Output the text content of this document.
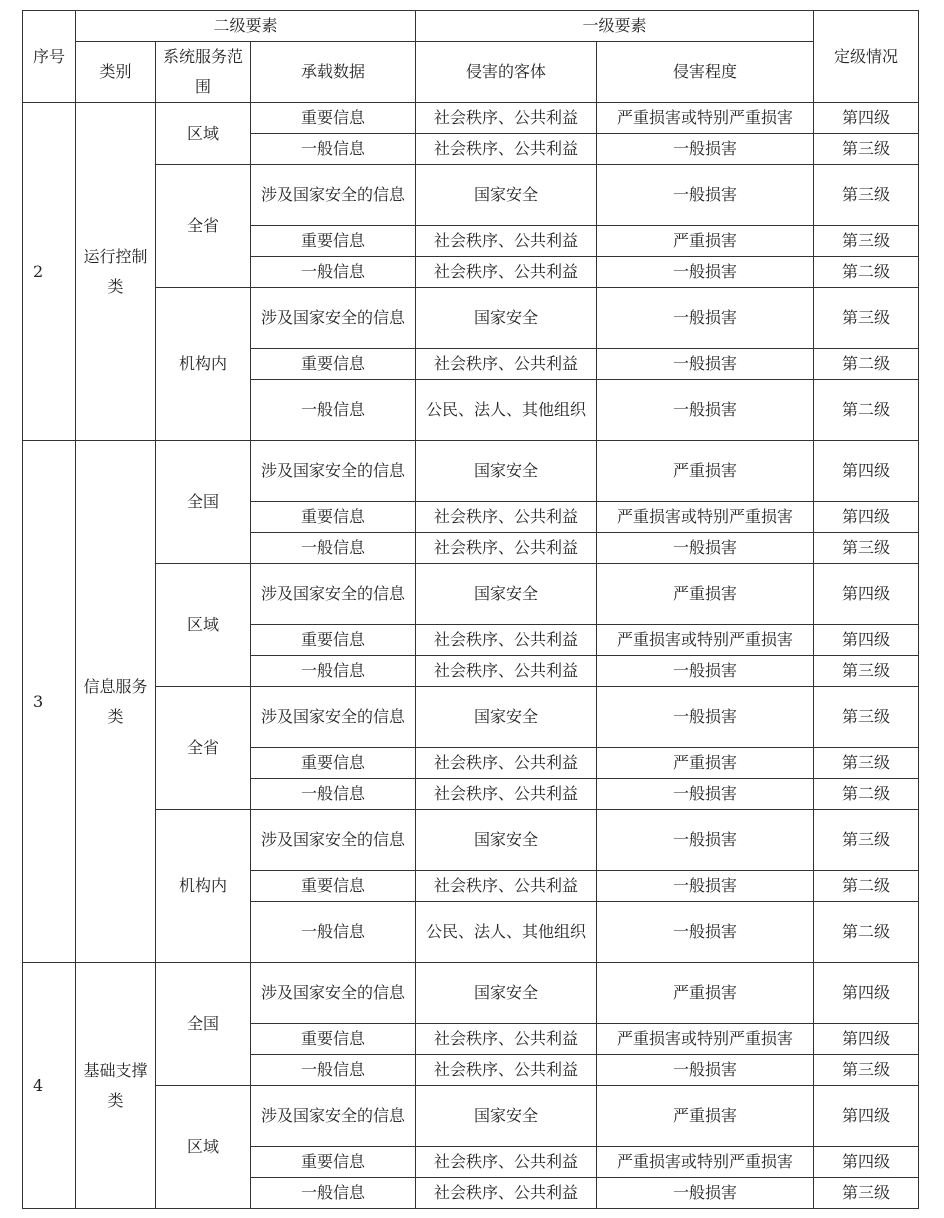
序号	二级要素			一级要素		定级情况

	类别	系统服务范围	承载数据	侵害的客体	侵害程度	
2	运行控制类	区域	重要信息	社会秩序、公共利益	严重损害或特别严重损害	第四级

			一般信息	社会秩序、公共利益	一般损害	第三级
		全省	涉及国家安全的信息	国家安全	一般损害	第三级

			重要信息	社会秩序、公共利益	严重损害	第三级

			一般信息	社会秩序、公共利益	一般损害	第二级
		机构内	涉及国家安全的信息	国家安全	一般损害	第三级

			重要信息	社会秩序、公共利益	一般损害	第二级

			一般信息	公民、法人、其他组织	一般损害	第二级
3	信息服务类	全国	涉及国家安全的信息	国家安全	严重损害	第四级

			重要信息	社会秩序、公共利益	严重损害或特别严重损害	第四级

			一般信息	社会秩序、公共利益	一般损害	第三级
		区域	涉及国家安全的信息	国家安全	严重损害	第四级

			重要信息	社会秩序、公共利益	严重损害或特别严重损害	第四级

			一般信息	社会秩序、公共利益	一般损害	第三级
		全省	涉及国家安全的信息	国家安全	一般损害	第三级

			重要信息	社会秩序、公共利益	严重损害	第三级

			一般信息	社会秩序、公共利益	一般损害	第二级
		机构内	涉及国家安全的信息	国家安全	一般损害	第三级

			重要信息	社会秩序、公共利益	一般损害	第二级

			一般信息	公民、法人、其他组织	一般损害	第二级
4	基础支撑类	全国	涉及国家安全的信息	国家安全	严重损害	第四级

			重要信息	社会秩序、公共利益	严重损害或特别严重损害	第四级

			一般信息	社会秩序、公共利益	一般损害	第三级
		区域	涉及国家安全的信息	国家安全	严重损害	第四级

			重要信息	社会秩序、公共利益	严重损害或特别严重损害	第四级

			一般信息	社会秩序、公共利益	一般损害	第三级
